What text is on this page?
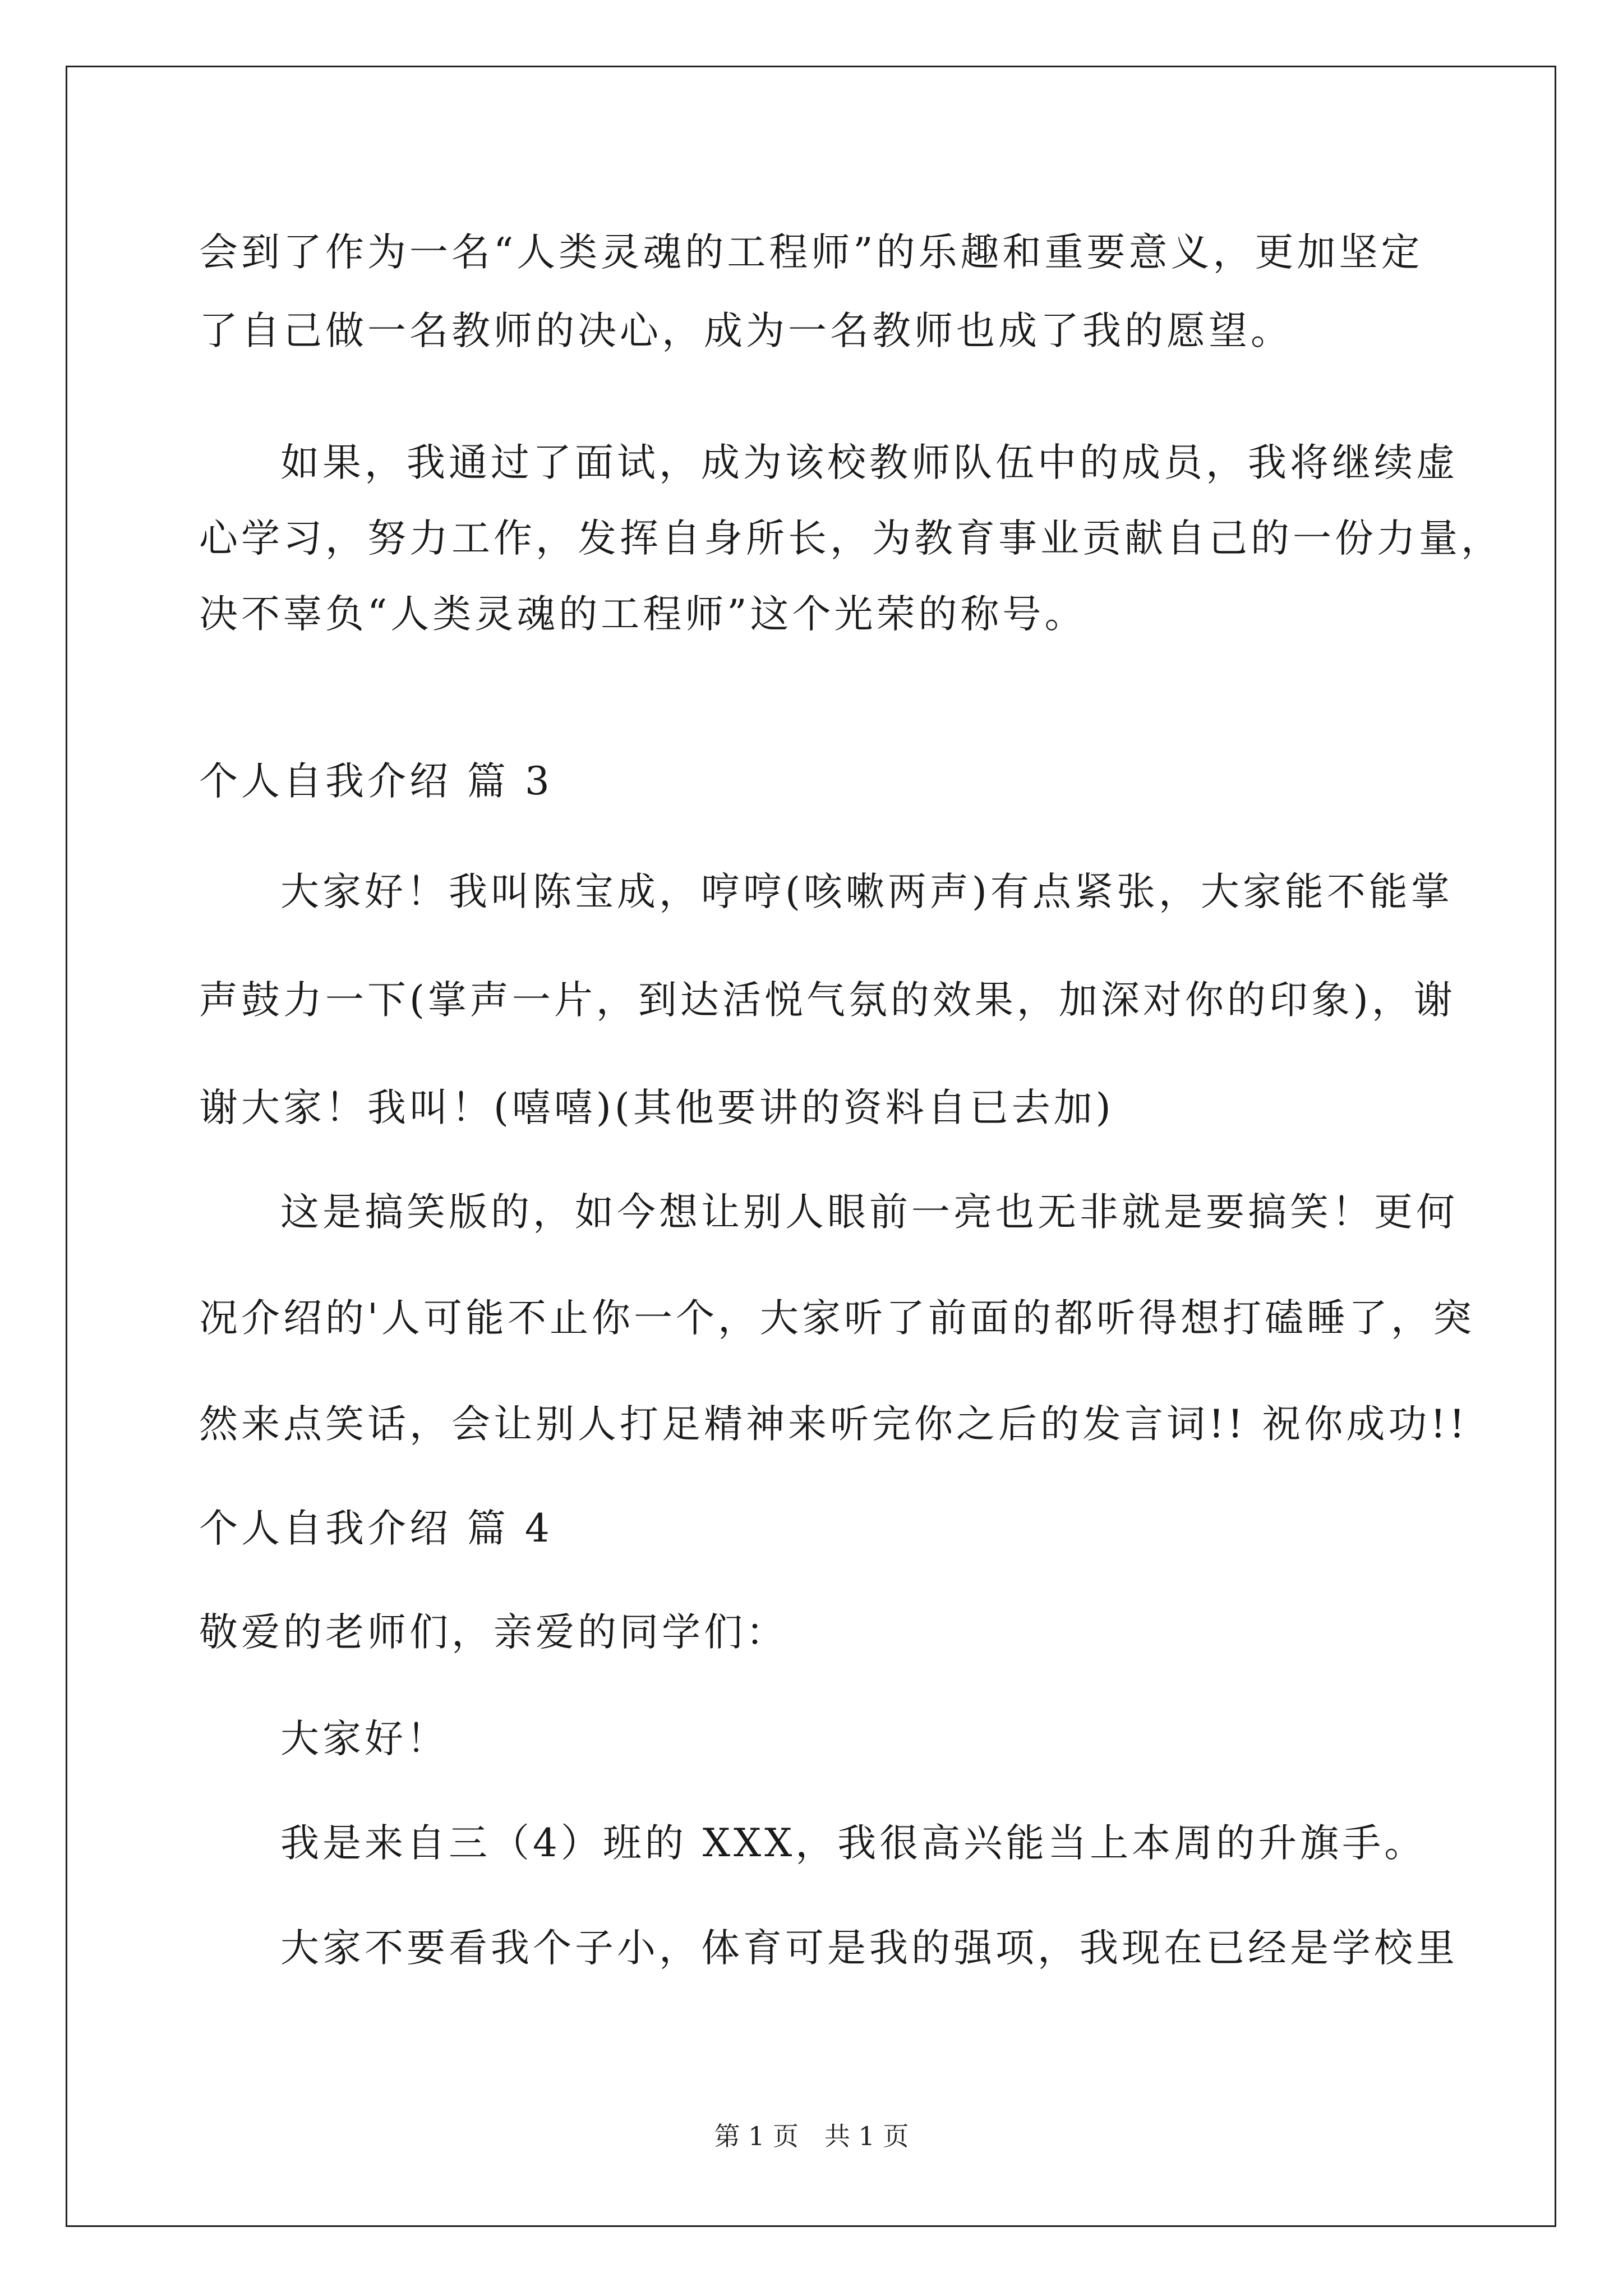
会到了作为一名“人类灵魂的工程师”的乐趣和重要意义，更加坚定
了自己做一名教师的决心，成为一名教师也成了我的愿望。
如果，我通过了面试，成为该校教师队伍中的成员，我将继续虚
心学习，努力工作，发挥自身所长，为教育事业贡献自己的一份力量，
决不辜负“人类灵魂的工程师”这个光荣的称号。
个人自我介绍 篇 3
大家好！我叫陈宝成，哼哼(咳嗽两声)有点紧张，大家能不能掌
声鼓力一下(掌声一片，到达活悦气氛的效果，加深对你的印象)，谢
谢大家！我叫！(嘻嘻)(其他要讲的资料自已去加)
这是搞笑版的，如今想让别人眼前一亮也无非就是要搞笑！更何
况介绍的'人可能不止你一个，大家听了前面的都听得想打磕睡了，突
然来点笑话，会让别人打足精神来听完你之后的发言词!! 祝你成功!!
个人自我介绍 篇 4
敬爱的老师们，亲爱的同学们：
大家好！
我是来自三（4）班的 XXX，我很高兴能当上本周的升旗手。
大家不要看我个子小，体育可是我的强项，我现在已经是学校里
第 1 页　共 1 页
